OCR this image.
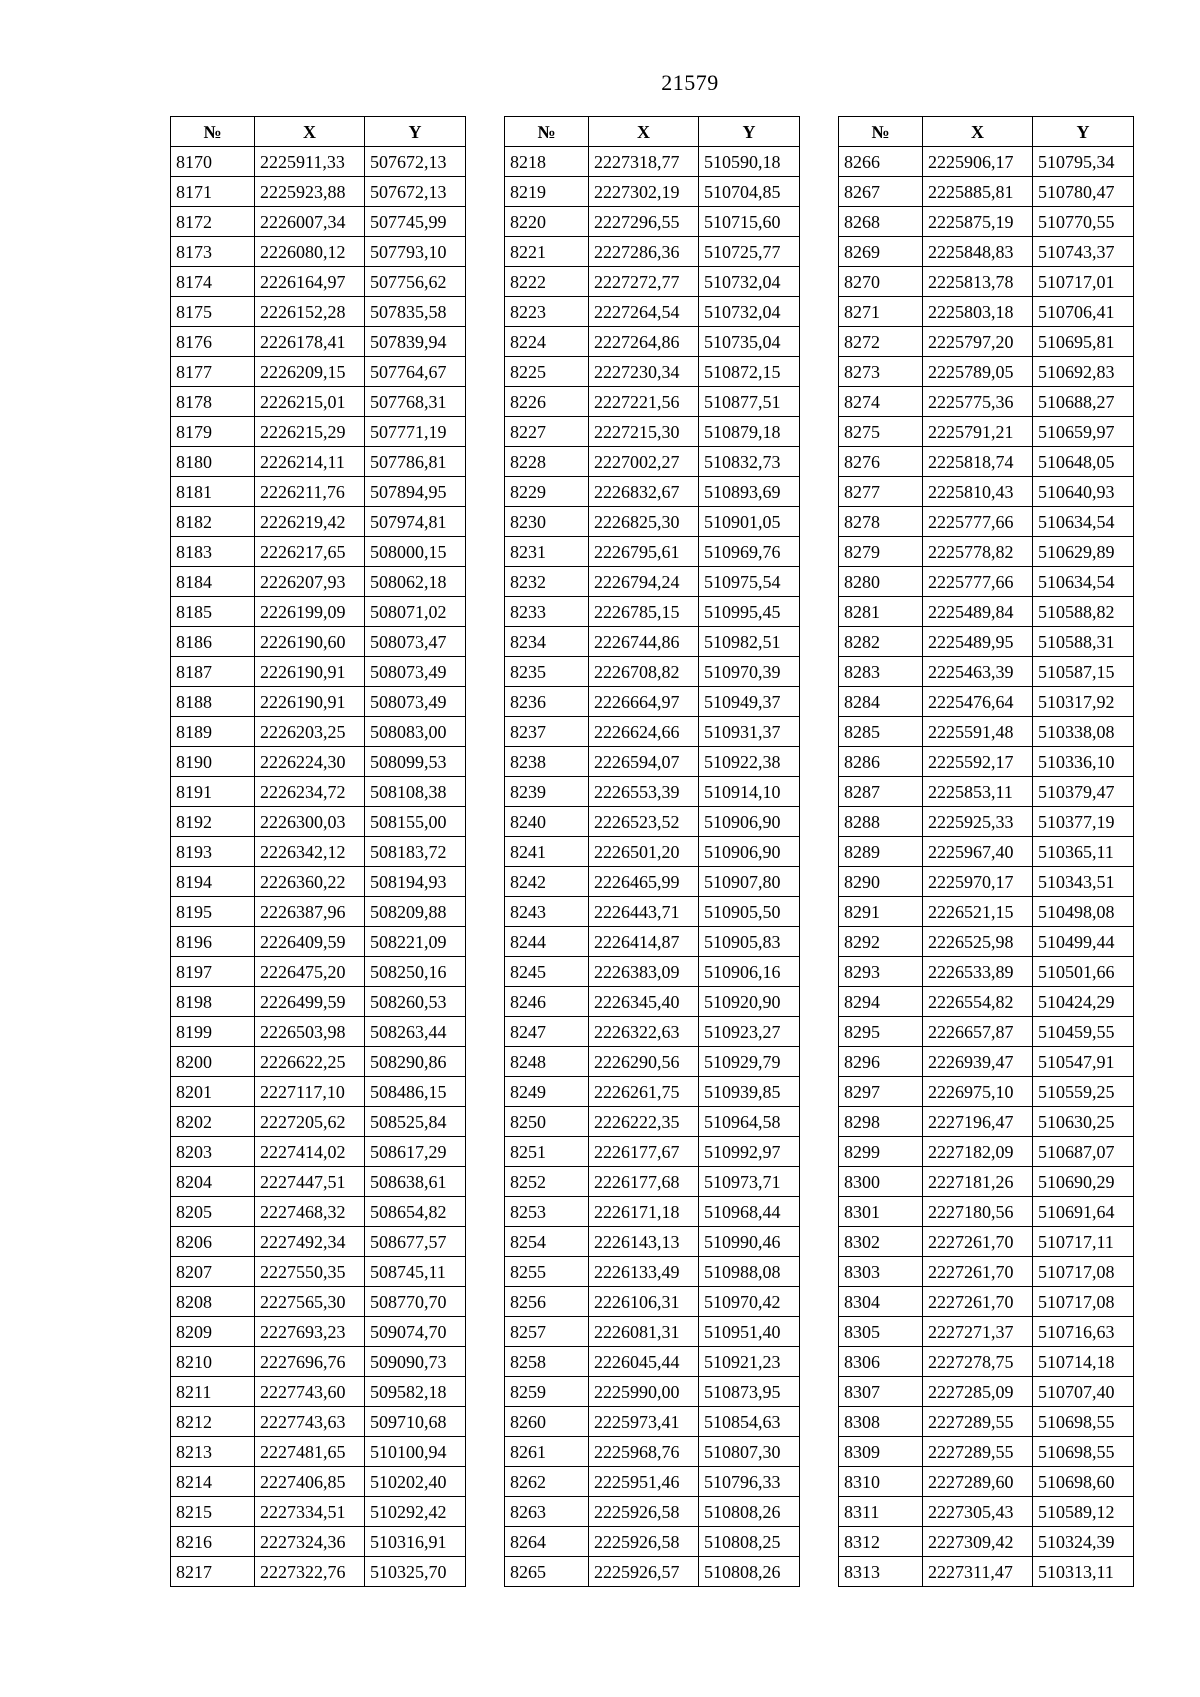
21579
№	X	Y
8170	2225911,33	507672,13
8171	2225923,88	507672,13
8172	2226007,34	507745,99
8173	2226080,12	507793,10
8174	2226164,97	507756,62
8175	2226152,28	507835,58
8176	2226178,41	507839,94
8177	2226209,15	507764,67
8178	2226215,01	507768,31
8179	2226215,29	507771,19
8180	2226214,11	507786,81
8181	2226211,76	507894,95
8182	2226219,42	507974,81
8183	2226217,65	508000,15
8184	2226207,93	508062,18
8185	2226199,09	508071,02
8186	2226190,60	508073,47
8187	2226190,91	508073,49
8188	2226190,91	508073,49
8189	2226203,25	508083,00
8190	2226224,30	508099,53
8191	2226234,72	508108,38
8192	2226300,03	508155,00
8193	2226342,12	508183,72
8194	2226360,22	508194,93
8195	2226387,96	508209,88
8196	2226409,59	508221,09
8197	2226475,20	508250,16
8198	2226499,59	508260,53
8199	2226503,98	508263,44
8200	2226622,25	508290,86
8201	2227117,10	508486,15
8202	2227205,62	508525,84
8203	2227414,02	508617,29
8204	2227447,51	508638,61
8205	2227468,32	508654,82
8206	2227492,34	508677,57
8207	2227550,35	508745,11
8208	2227565,30	508770,70
8209	2227693,23	509074,70
8210	2227696,76	509090,73
8211	2227743,60	509582,18
8212	2227743,63	509710,68
8213	2227481,65	510100,94
8214	2227406,85	510202,40
8215	2227334,51	510292,42
8216	2227324,36	510316,91
8217	2227322,76	510325,70
№	X	Y
8218	2227318,77	510590,18
8219	2227302,19	510704,85
8220	2227296,55	510715,60
8221	2227286,36	510725,77
8222	2227272,77	510732,04
8223	2227264,54	510732,04
8224	2227264,86	510735,04
8225	2227230,34	510872,15
8226	2227221,56	510877,51
8227	2227215,30	510879,18
8228	2227002,27	510832,73
8229	2226832,67	510893,69
8230	2226825,30	510901,05
8231	2226795,61	510969,76
8232	2226794,24	510975,54
8233	2226785,15	510995,45
8234	2226744,86	510982,51
8235	2226708,82	510970,39
8236	2226664,97	510949,37
8237	2226624,66	510931,37
8238	2226594,07	510922,38
8239	2226553,39	510914,10
8240	2226523,52	510906,90
8241	2226501,20	510906,90
8242	2226465,99	510907,80
8243	2226443,71	510905,50
8244	2226414,87	510905,83
8245	2226383,09	510906,16
8246	2226345,40	510920,90
8247	2226322,63	510923,27
8248	2226290,56	510929,79
8249	2226261,75	510939,85
8250	2226222,35	510964,58
8251	2226177,67	510992,97
8252	2226177,68	510973,71
8253	2226171,18	510968,44
8254	2226143,13	510990,46
8255	2226133,49	510988,08
8256	2226106,31	510970,42
8257	2226081,31	510951,40
8258	2226045,44	510921,23
8259	2225990,00	510873,95
8260	2225973,41	510854,63
8261	2225968,76	510807,30
8262	2225951,46	510796,33
8263	2225926,58	510808,26
8264	2225926,58	510808,25
8265	2225926,57	510808,26
№	X	Y
8266	2225906,17	510795,34
8267	2225885,81	510780,47
8268	2225875,19	510770,55
8269	2225848,83	510743,37
8270	2225813,78	510717,01
8271	2225803,18	510706,41
8272	2225797,20	510695,81
8273	2225789,05	510692,83
8274	2225775,36	510688,27
8275	2225791,21	510659,97
8276	2225818,74	510648,05
8277	2225810,43	510640,93
8278	2225777,66	510634,54
8279	2225778,82	510629,89
8280	2225777,66	510634,54
8281	2225489,84	510588,82
8282	2225489,95	510588,31
8283	2225463,39	510587,15
8284	2225476,64	510317,92
8285	2225591,48	510338,08
8286	2225592,17	510336,10
8287	2225853,11	510379,47
8288	2225925,33	510377,19
8289	2225967,40	510365,11
8290	2225970,17	510343,51
8291	2226521,15	510498,08
8292	2226525,98	510499,44
8293	2226533,89	510501,66
8294	2226554,82	510424,29
8295	2226657,87	510459,55
8296	2226939,47	510547,91
8297	2226975,10	510559,25
8298	2227196,47	510630,25
8299	2227182,09	510687,07
8300	2227181,26	510690,29
8301	2227180,56	510691,64
8302	2227261,70	510717,11
8303	2227261,70	510717,08
8304	2227261,70	510717,08
8305	2227271,37	510716,63
8306	2227278,75	510714,18
8307	2227285,09	510707,40
8308	2227289,55	510698,55
8309	2227289,55	510698,55
8310	2227289,60	510698,60
8311	2227305,43	510589,12
8312	2227309,42	510324,39
8313	2227311,47	510313,11
